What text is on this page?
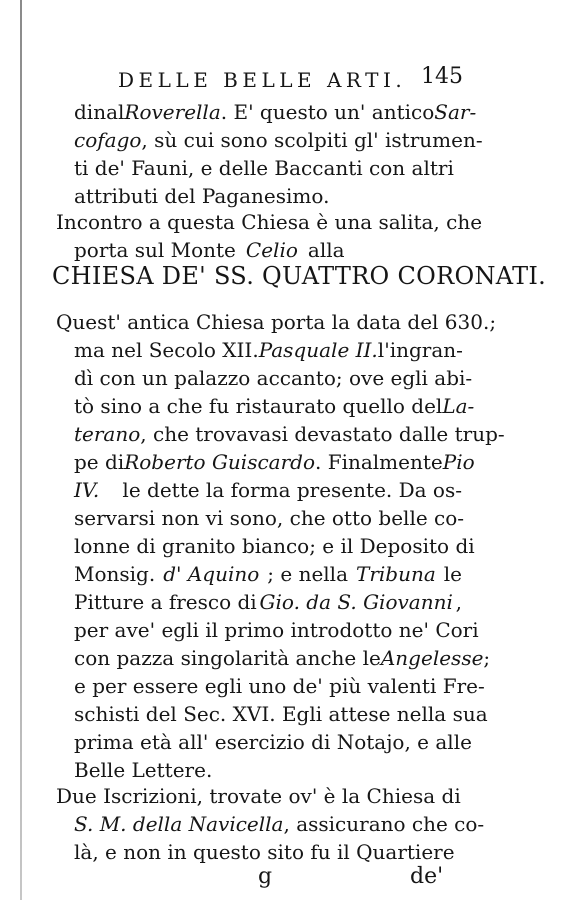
DELLE BELLE ARTI. 145
dinal Roverella . E' questo un' antico Sar-
cofago , sù cui sono scolpiti gl' istrumen-
ti de' Fauni, e delle Baccanti con altri
attributi del Paganesimo.
Incontro a questa Chiesa è una salita, che
porta sul Monte Celio alla
CHIESA DE' SS. QUATTRO CORONATI.
Quest' antica Chiesa porta la data del 630.;
ma nel Secolo XII. Pasquale II. l'ingran-
dì con un palazzo accanto; ove egli abi-
tò sino a che fu ristaurato quello del La-
terano , che trovavasi devastato dalle trup-
pe di Roberto Guiscardo . Finalmente Pio
IV. le dette la forma presente. Da os-
servarsi non vi sono, che otto belle co-
lonne di granito bianco; e il Deposito di
Monsig. d' Aquino ; e nella Tribuna le
Pitture a fresco di Gio. da S. Giovanni ,
per ave' egli il primo introdotto ne' Cori
con pazza singolarità anche le Angelesse ;
e per essere egli uno de' più valenti Fre-
schisti del Sec. XVI. Egli attese nella sua
prima età all' esercizio di Notajo, e alle
Belle Lettere.
Due Iscrizioni, trovate ov' è la Chiesa di
S. M. della Navicella , assicurano che co-
là, e non in questo sito fu il Quartiere
g	de'
